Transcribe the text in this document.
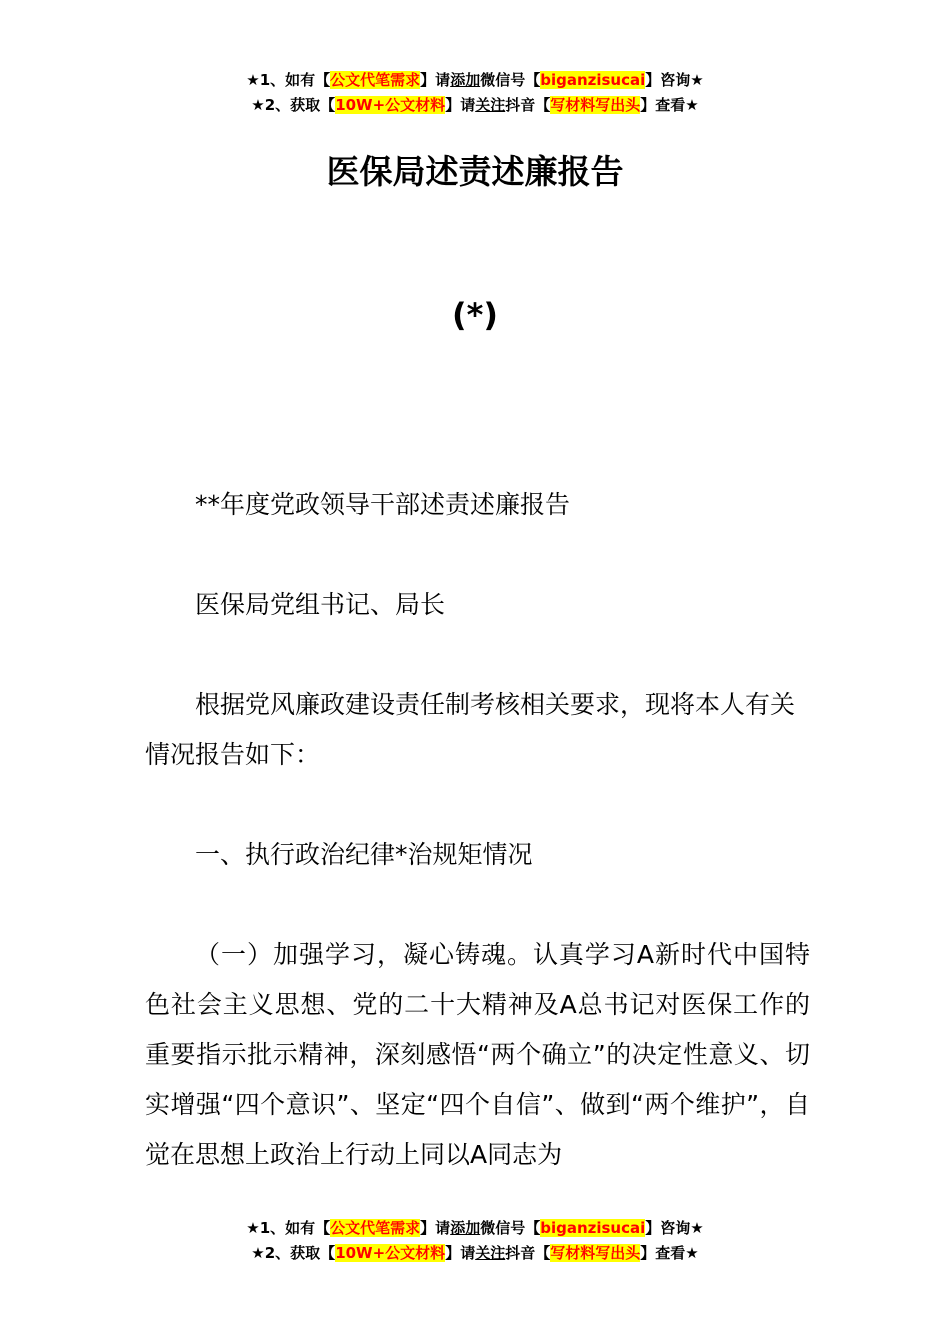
★1、如有【公文代笔需求】请添加微信号【biganzisucai】咨询★
★2、获取【10W+公文材料】请关注抖音【写材料写出头】查看★
医保局述责述廉报告
(*)
**年度党政领导干部述责述廉报告
医保局党组书记、局长
根据党风廉政建设责任制考核相关要求，现将本人有关情况报告如下：
一、执行政治纪律*治规矩情况
（一）加强学习，凝心铸魂。认真学习A新时代中国特色社会主义思想、党的二十大精神及A总书记对医保工作的重要指示批示精神，深刻感悟“两个确立”的决定性意义、切实增强“四个意识”、坚定“四个自信”、做到“两个维护”，自觉在思想上政治上行动上同以A同志为
★1、如有【公文代笔需求】请添加微信号【biganzisucai】咨询★
★2、获取【10W+公文材料】请关注抖音【写材料写出头】查看★
